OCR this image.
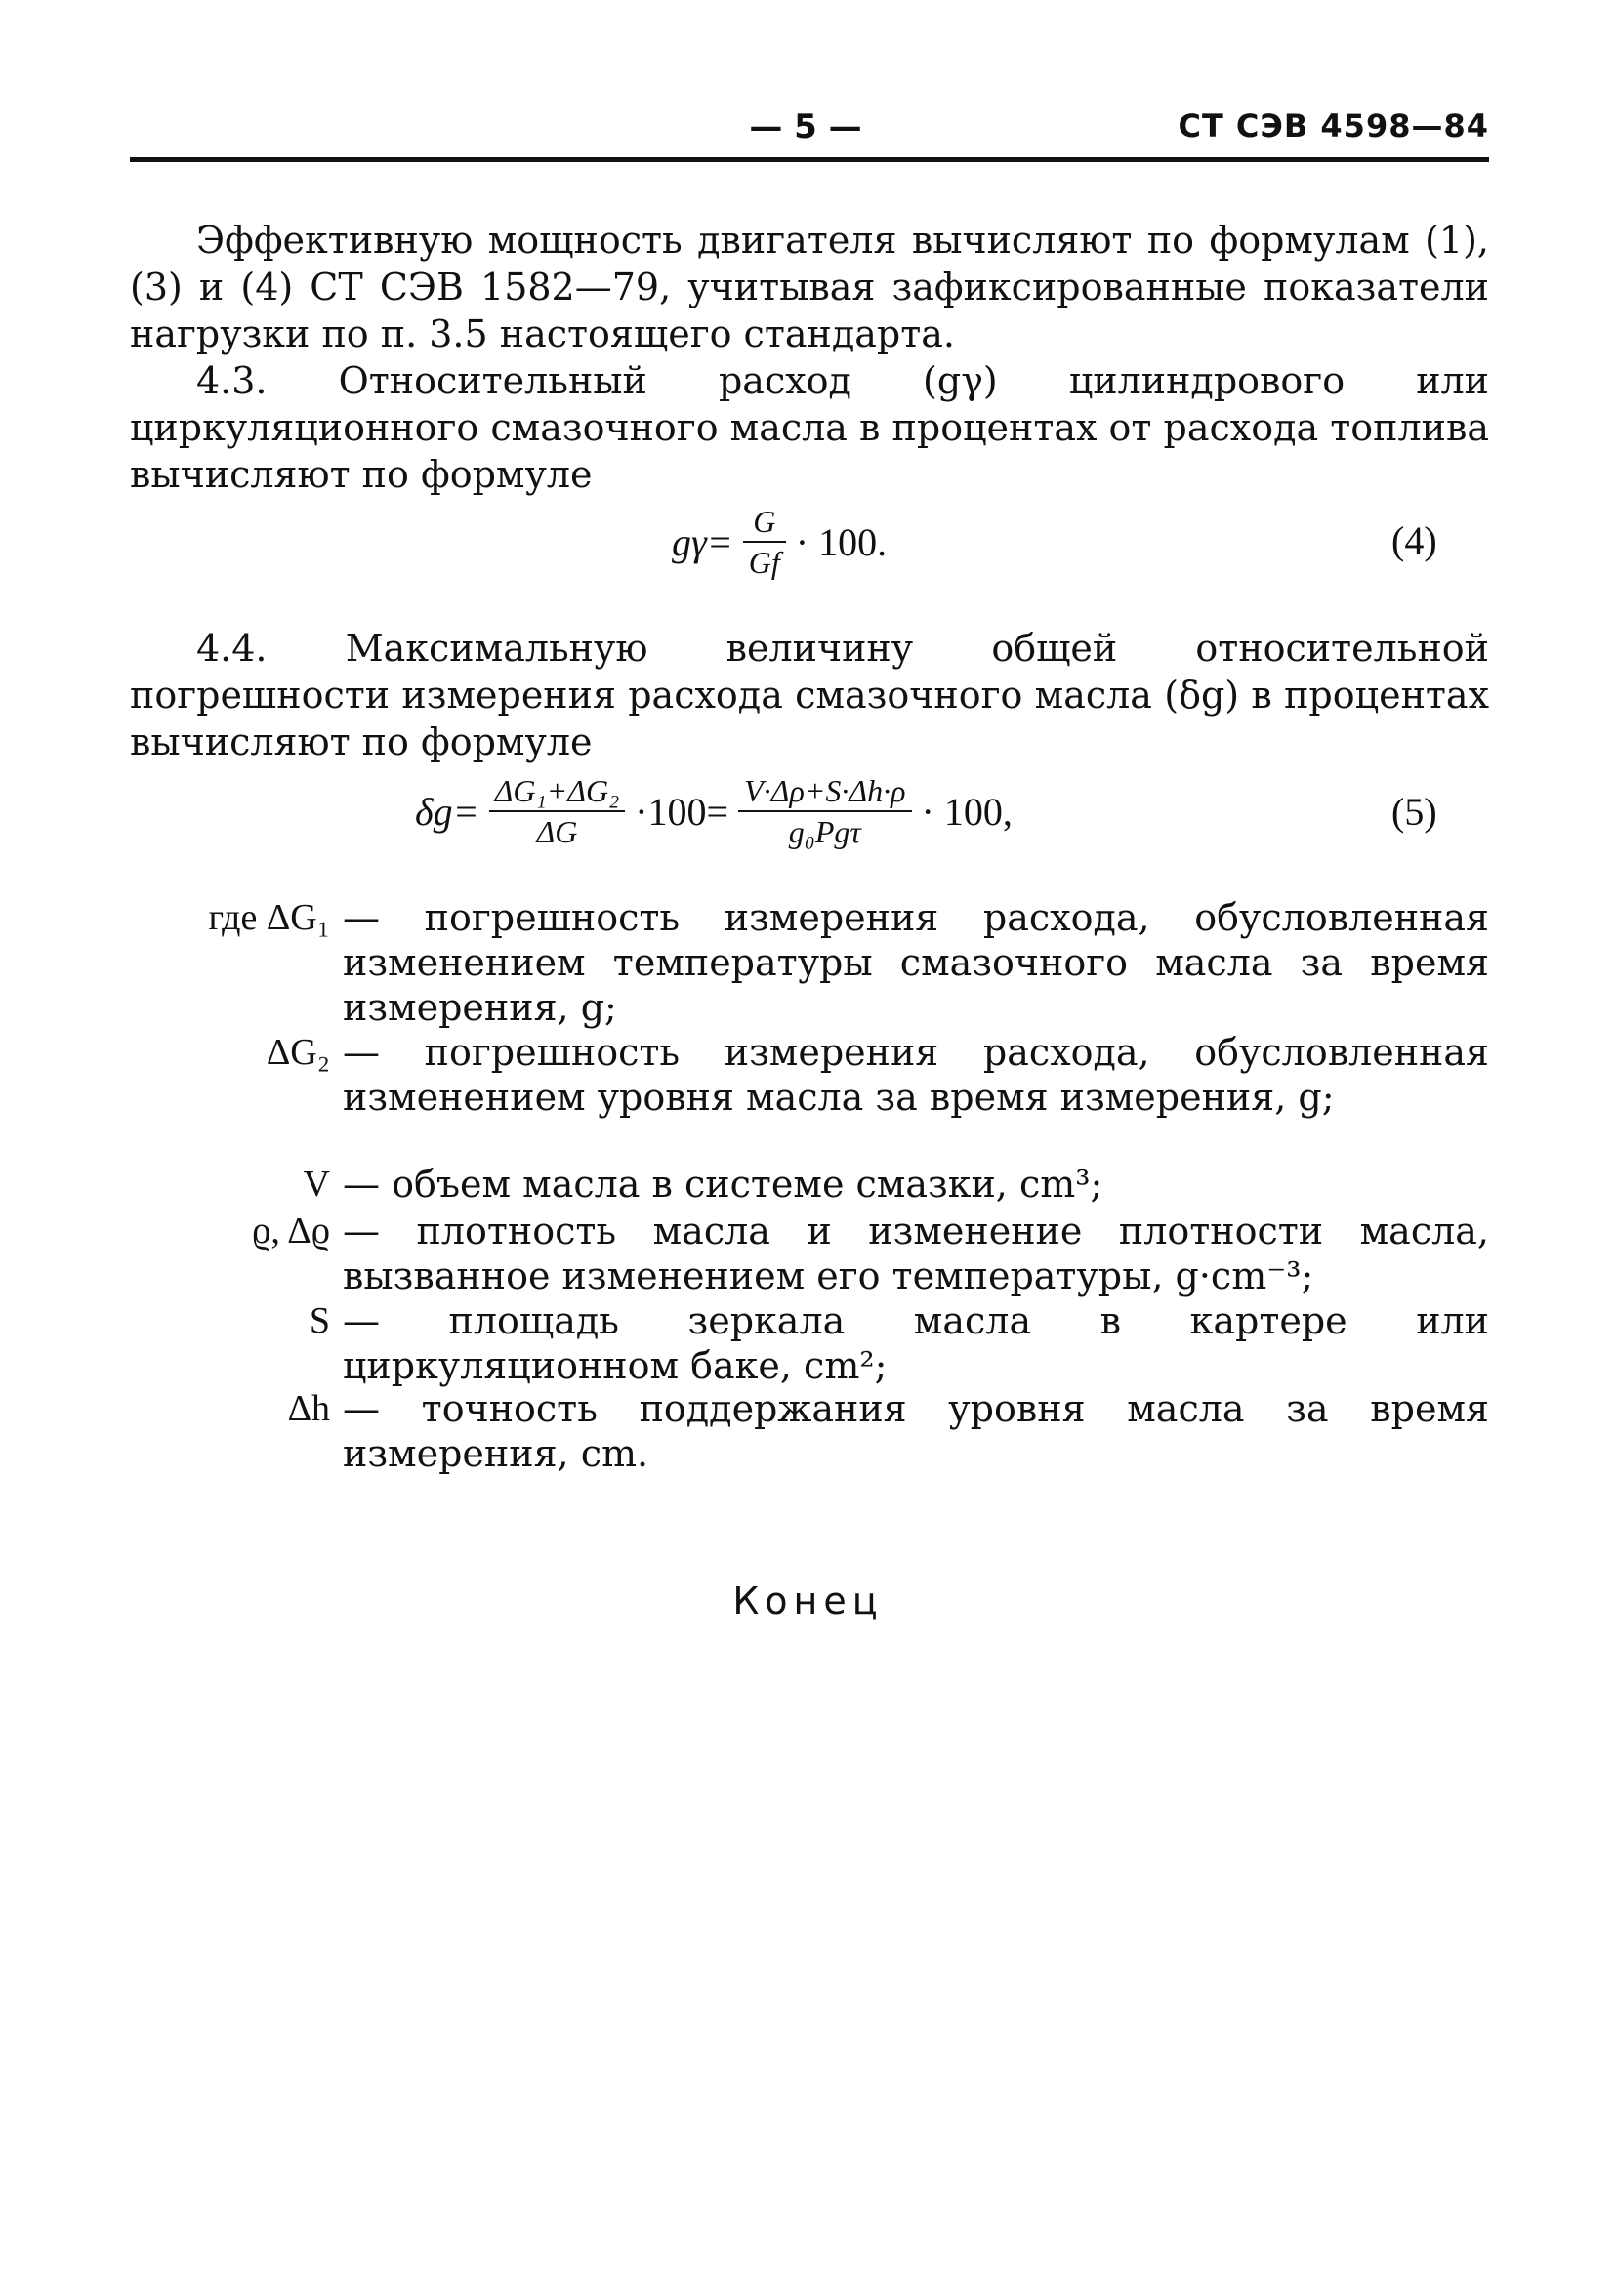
— 5 —	СТ СЭВ 4598—84

Эффективную мощность двигателя вычисляют по формулам (1), (3) и (4) СТ СЭВ 1582—79, учитывая зафиксированные показатели нагрузки по п. 3.5 настоящего стандарта.

4.3. Относительный расход (gγ) цилиндрового или циркуляционного смазочного масла в процентах от расхода топлива вычисляют по формуле

$g\gamma= \frac{G}{Gf} \cdot 100$.	(4)

4.4. Максимальную величину общей относительной погрешности измерения расхода смазочного масла (δg) в процентах вычисляют по формуле

$\delta g= \frac{\text{ΔG₁+ΔG₂}}{\Delta G} \cdot 100= \frac{V\cdot\Delta\rho+S\cdot\Delta h\cdot\rho}{\text{g₀Pgτ}} \cdot 100$,	(5)
где ΔG₁ — погрешность измерения расхода, обусловленная изменением температуры смазочного масла за время измерения, g;
ΔG₂ — погрешность измерения расхода, обусловленная изменением уровня масла за время измерения, g;
V — объем масла в системе смазки, cm³;
ϱ, Δϱ — плотность масла и изменение плотности масла, вызванное изменением его температуры, g·cm⁻³;
S — площадь зеркала масла в картере или циркуляционном баке, cm²;
Δh — точность поддержания уровня масла за время измерения, cm.
Конец
